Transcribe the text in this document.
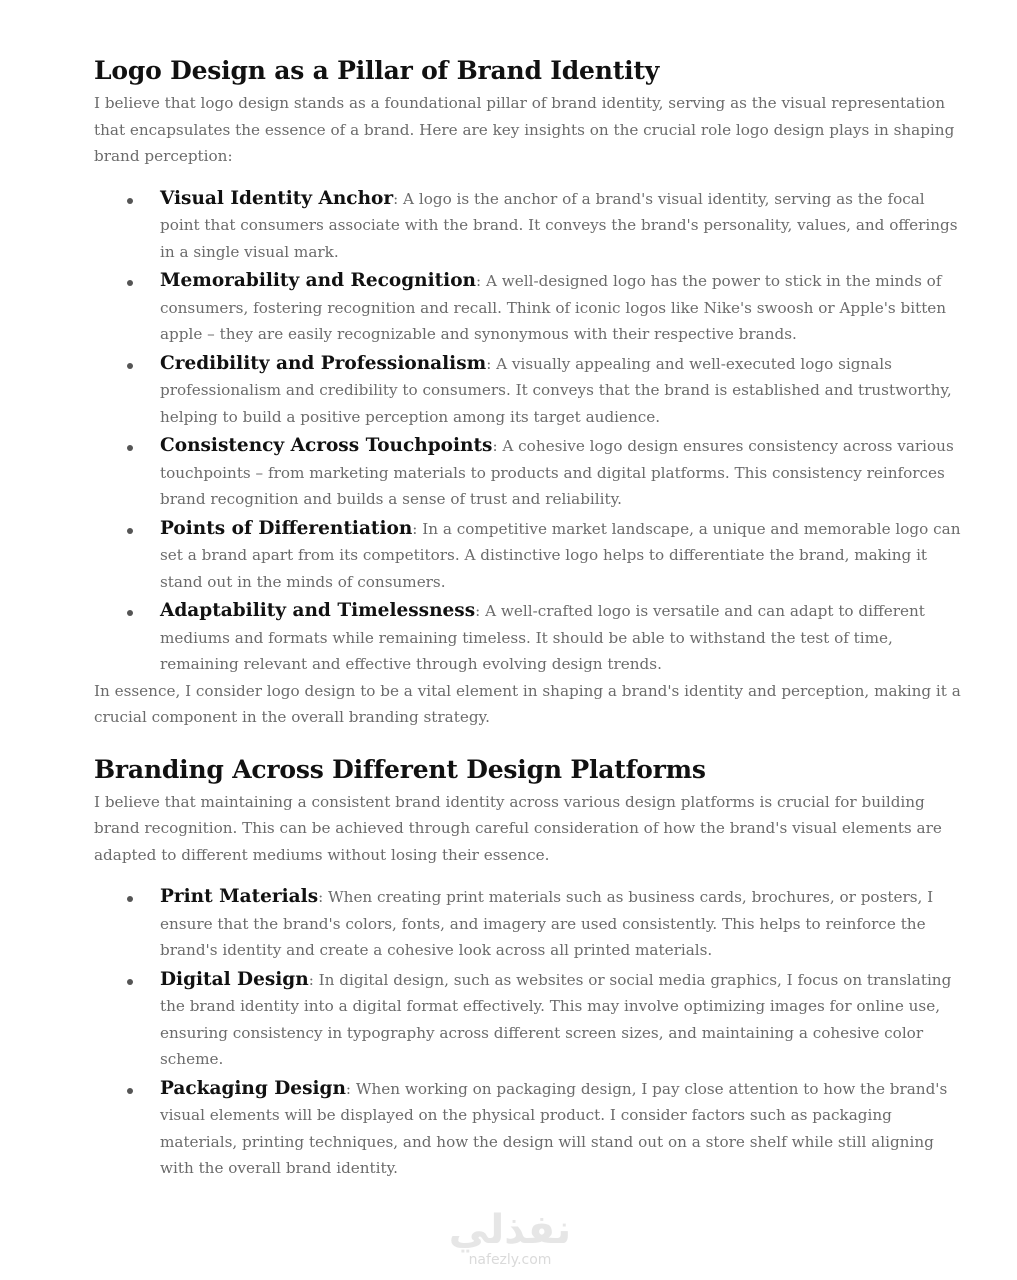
Logo Design as a Pillar of Brand Identity

I believe that logo design stands as a foundational pillar of brand identity, serving as the visual representation that encapsulates the essence of a brand. Here are key insights on the crucial role logo design plays in shaping brand perception:

Visual Identity Anchor: A logo is the anchor of a brand's visual identity, serving as the focal point that consumers associate with the brand. It conveys the brand's personality, values, and offerings in a single visual mark.
Memorability and Recognition: A well-designed logo has the power to stick in the minds of consumers, fostering recognition and recall. Think of iconic logos like Nike's swoosh or Apple's bitten apple – they are easily recognizable and synonymous with their respective brands.
Credibility and Professionalism: A visually appealing and well-executed logo signals professionalism and credibility to consumers. It conveys that the brand is established and trustworthy, helping to build a positive perception among its target audience.
Consistency Across Touchpoints: A cohesive logo design ensures consistency across various touchpoints – from marketing materials to products and digital platforms. This consistency reinforces brand recognition and builds a sense of trust and reliability.
Points of Differentiation: In a competitive market landscape, a unique and memorable logo can set a brand apart from its competitors. A distinctive logo helps to differentiate the brand, making it stand out in the minds of consumers.
Adaptability and Timelessness: A well-crafted logo is versatile and can adapt to different mediums and formats while remaining timeless. It should be able to withstand the test of time, remaining relevant and effective through evolving design trends.

In essence, I consider logo design to be a vital element in shaping a brand's identity and perception, making it a crucial component in the overall branding strategy.

Branding Across Different Design Platforms

I believe that maintaining a consistent brand identity across various design platforms is crucial for building brand recognition. This can be achieved through careful consideration of how the brand's visual elements are adapted to different mediums without losing their essence.

Print Materials: When creating print materials such as business cards, brochures, or posters, I ensure that the brand's colors, fonts, and imagery are used consistently. This helps to reinforce the brand's identity and create a cohesive look across all printed materials.
Digital Design: In digital design, such as websites or social media graphics, I focus on translating the brand identity into a digital format effectively. This may involve optimizing images for online use, ensuring consistency in typography across different screen sizes, and maintaining a cohesive color scheme.
Packaging Design: When working on packaging design, I pay close attention to how the brand's visual elements will be displayed on the physical product. I consider factors such as packaging materials, printing techniques, and how the design will stand out on a store shelf while still aligning with the overall brand identity.
نفذلي
nafezly.com
